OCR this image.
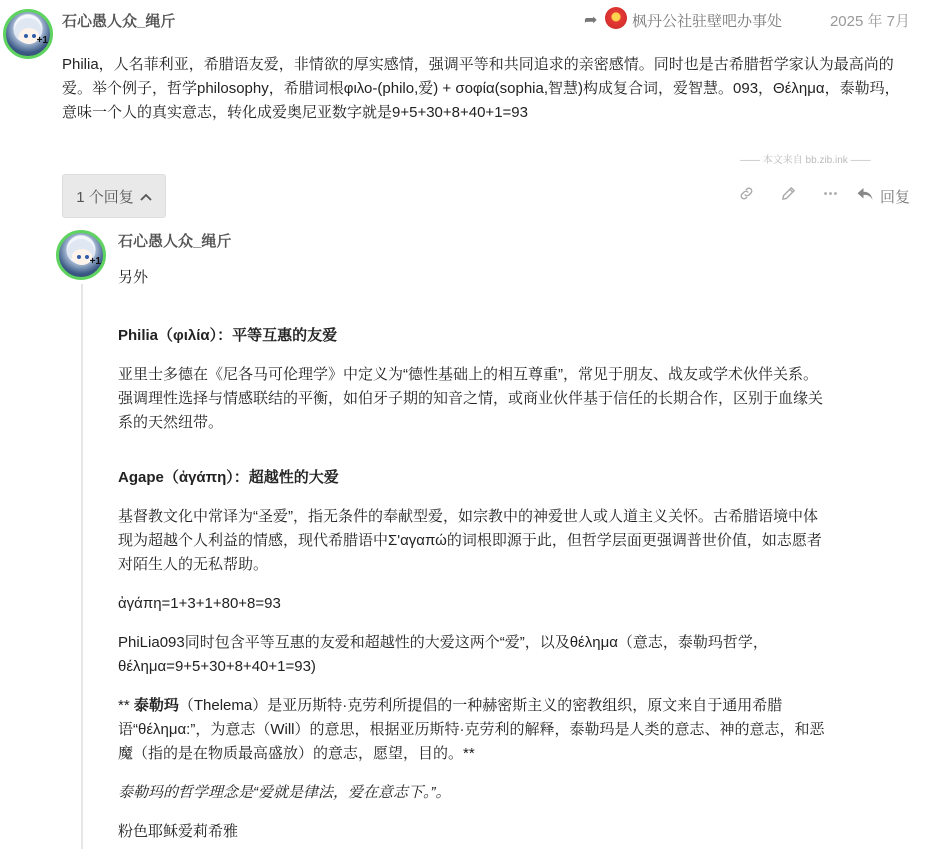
+1
石心愚人众_绳斤	➦ 枫丹公社驻壁吧办事处	2025 年 7月
Philia，人名菲利亚，希腊语友爱，非情欲的厚实感情，强调平等和共同追求的亲密感情。同时也是古希腊哲学家认为最高尚的爱。举个例子，哲学philosophy，希腊词根φιλο-(philo,爱) + σοφία(sophia,智慧)构成复合词，爱智慧。093，Θέλημα，泰勒玛，意味一个人的真实意志，转化成爱奥尼亚数字就是9+5+30+8+40+1=93
—— 本文来自 bb.zib.ink ——
1 个回复	回复
+1
石心愚人众_绳斤

另外

Philia（φιλία）：平等互惠的友爱

亚里士多德在《尼各马可伦理学》中定义为“德性基础上的相互尊重”，常见于朋友、战友或学术伙伴关系。强调理性选择与情感联结的平衡，如伯牙子期的知音之情，或商业伙伴基于信任的长期合作，区别于血缘关系的天然纽带。

Agape（ἀγάπη）：超越性的大爱

基督教文化中常译为“圣爱”，指无条件的奉献型爱，如宗教中的神爱世人或人道主义关怀。古希腊语境中体现为超越个人利益的情感，现代希腊语中Σ'αγαπώ的词根即源于此，但哲学层面更强调普世价值，如志愿者对陌生人的无私帮助。

ἀγάπη=1+3+1+80+8=93

PhiLia093同时包含平等互惠的友爱和超越性的大爱这两个“爱”，以及θέλημα（意志，泰勒玛哲学，θέλημα=9+5+30+8+40+1=93)

** 泰勒玛（Thelema）是亚历斯特·克劳利所提倡的一种赫密斯主义的密教组织，原文来自于通用希腊语“θέλημα:”，为意志（Will）的意思，根据亚历斯特·克劳利的解释，泰勒玛是人类的意志、神的意志，和恶魔（指的是在物质最高盛放）的意志，愿望，目的。**

泰勒玛的哲学理念是“爱就是律法，爱在意志下。”。

粉色耶稣爱莉希雅
